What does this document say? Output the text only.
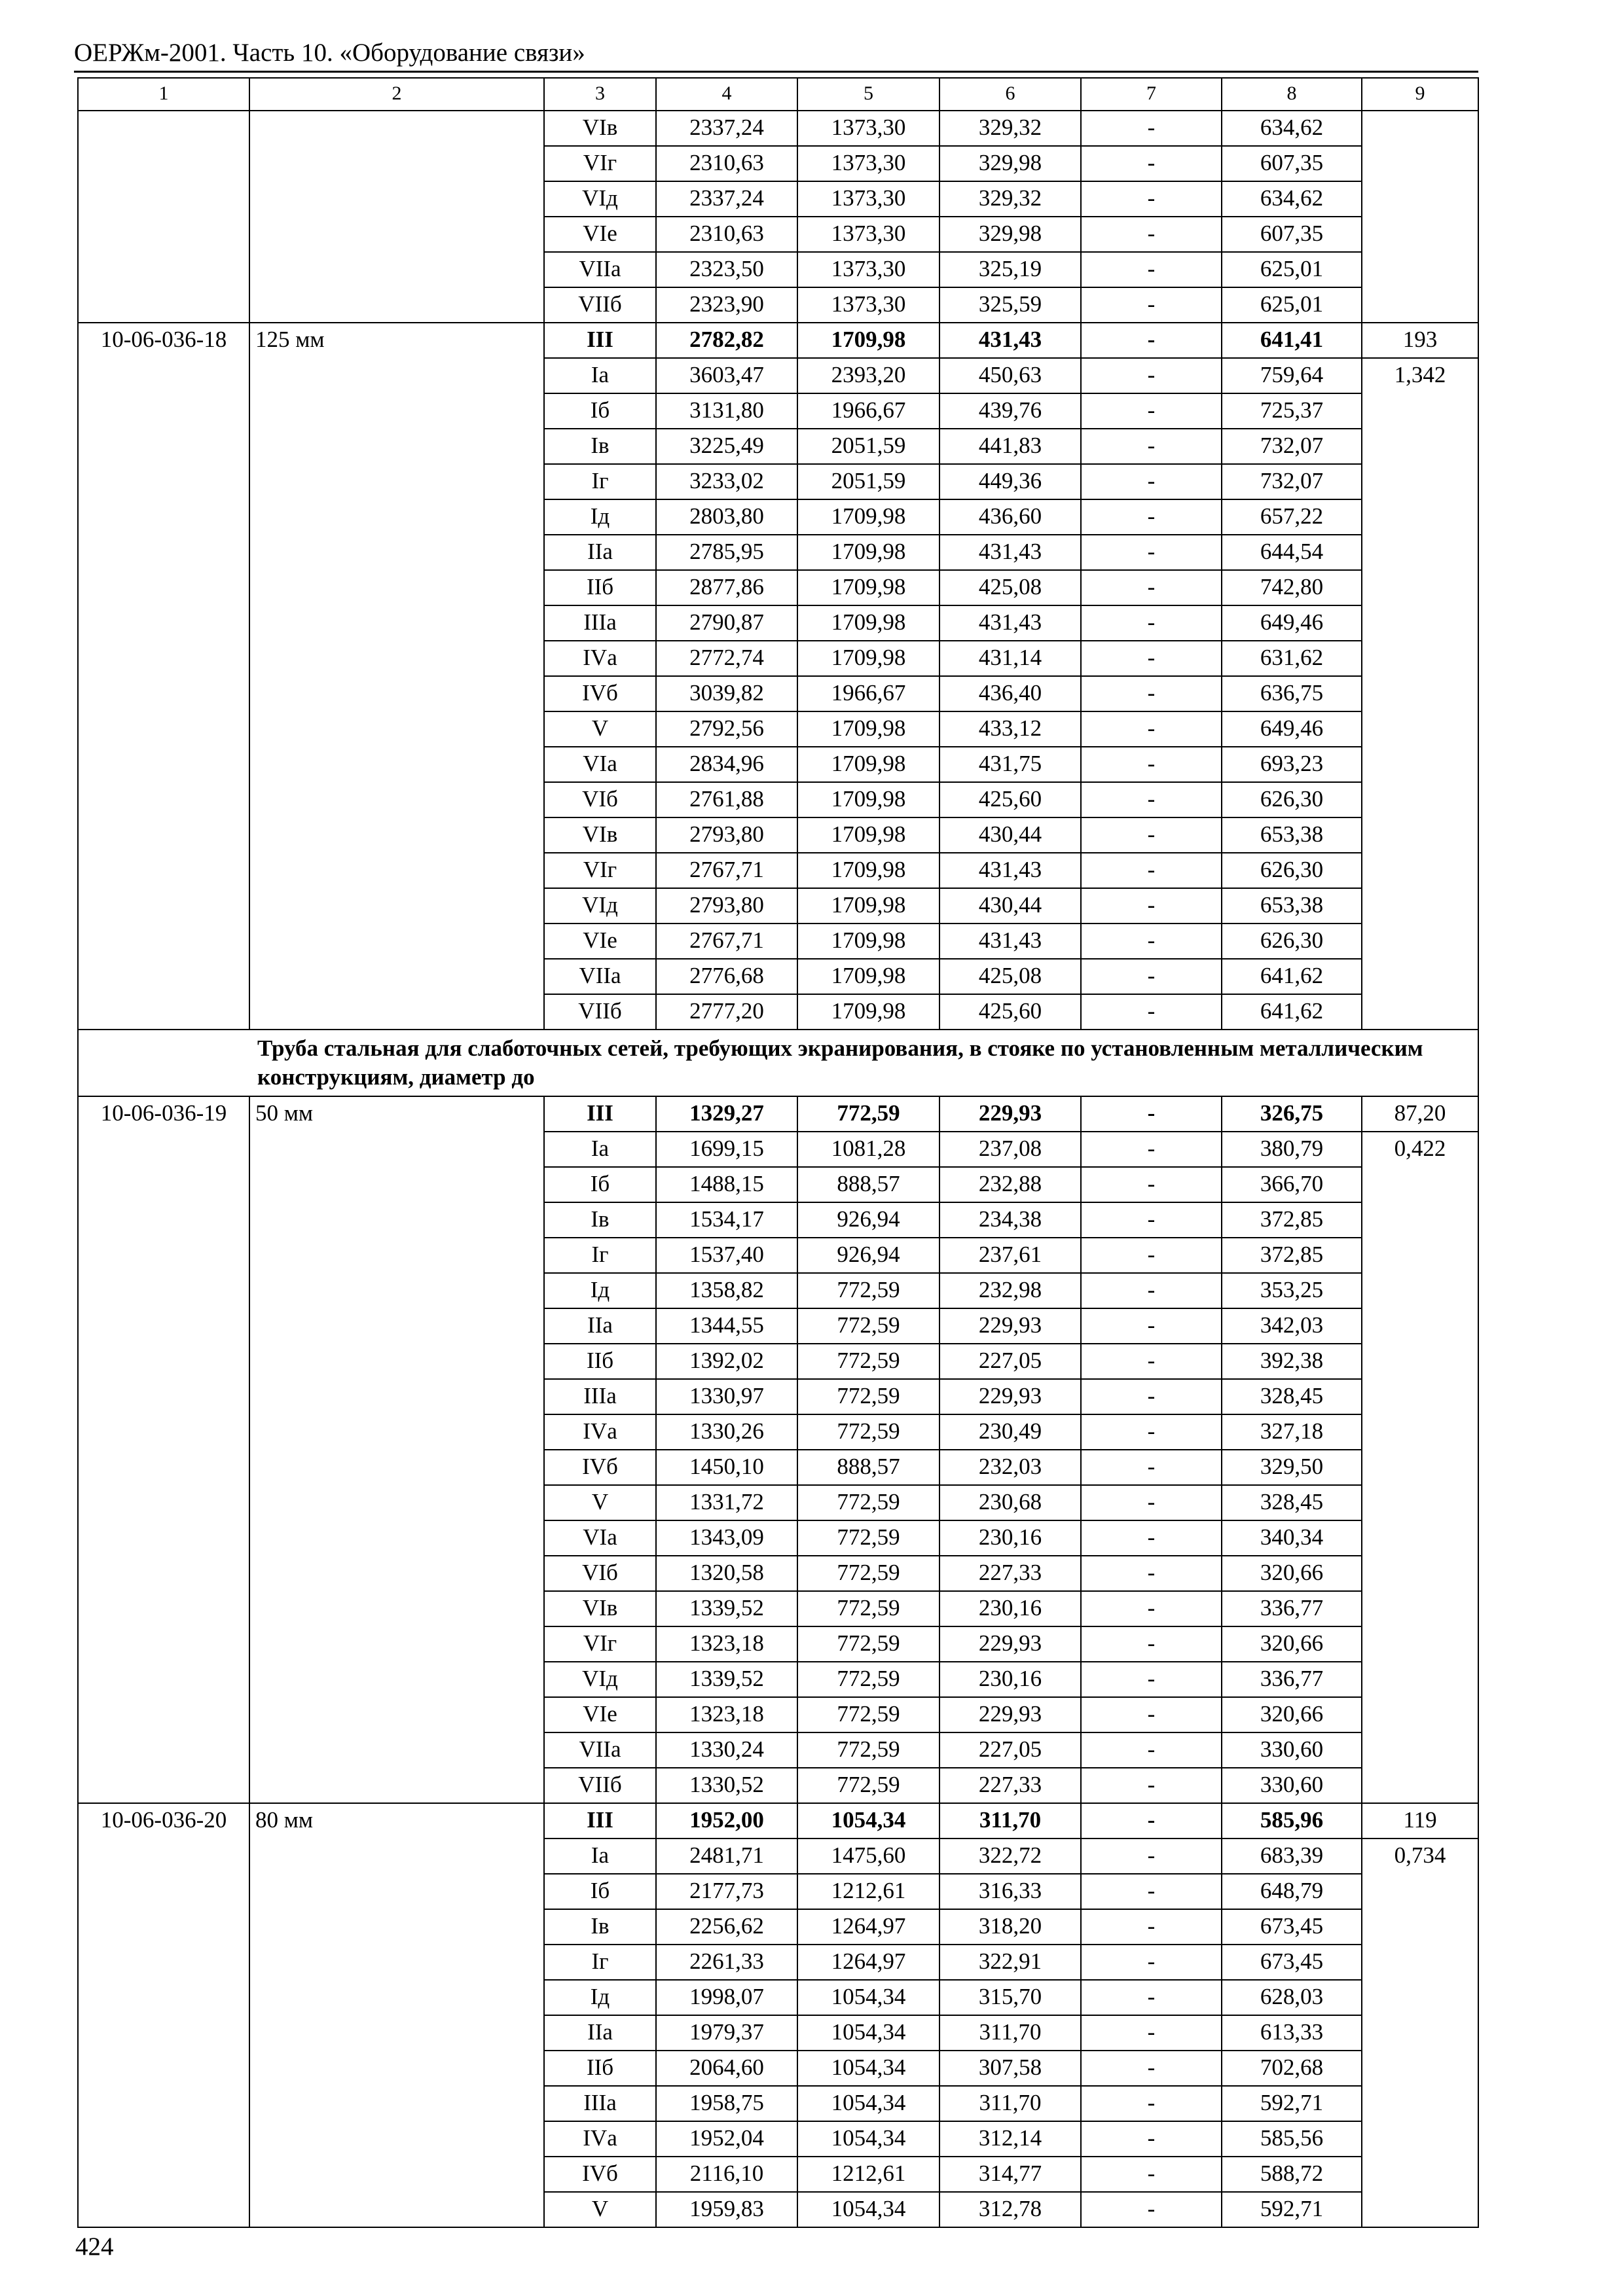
ОЕРЖм-2001. Часть 10. «Оборудование связи»
1	2	3	4	5	6	7	8	9
		VIв	2337,24	1373,30	329,32	-	634,62	
		VIг	2310,63	1373,30	329,98	-	607,35	
		VIд	2337,24	1373,30	329,32	-	634,62	
		VIе	2310,63	1373,30	329,98	-	607,35	
		VIIа	2323,50	1373,30	325,19	-	625,01	
		VIIб	2323,90	1373,30	325,59	-	625,01	
10-06-036-18	125 мм	III	2782,82	1709,98	431,43	-	641,41	193
		Iа	3603,47	2393,20	450,63	-	759,64	1,342
		Iб	3131,80	1966,67	439,76	-	725,37	
		Iв	3225,49	2051,59	441,83	-	732,07	
		Iг	3233,02	2051,59	449,36	-	732,07	
		Iд	2803,80	1709,98	436,60	-	657,22	
		IIа	2785,95	1709,98	431,43	-	644,54	
		IIб	2877,86	1709,98	425,08	-	742,80	
		IIIа	2790,87	1709,98	431,43	-	649,46	
		IVа	2772,74	1709,98	431,14	-	631,62	
		IVб	3039,82	1966,67	436,40	-	636,75	
		V	2792,56	1709,98	433,12	-	649,46	
		VIа	2834,96	1709,98	431,75	-	693,23	
		VIб	2761,88	1709,98	425,60	-	626,30	
		VIв	2793,80	1709,98	430,44	-	653,38	
		VIг	2767,71	1709,98	431,43	-	626,30	
		VIд	2793,80	1709,98	430,44	-	653,38	
		VIе	2767,71	1709,98	431,43	-	626,30	
		VIIа	2776,68	1709,98	425,08	-	641,62	
		VIIб	2777,20	1709,98	425,60	-	641,62	
Труба стальная для слаботочных сетей, требующих экранирования, в стояке по установленным металлическим конструкциям, диаметр до								
10-06-036-19	50 мм	III	1329,27	772,59	229,93	-	326,75	87,20
		Iа	1699,15	1081,28	237,08	-	380,79	0,422
		Iб	1488,15	888,57	232,88	-	366,70	
		Iв	1534,17	926,94	234,38	-	372,85	
		Iг	1537,40	926,94	237,61	-	372,85	
		Iд	1358,82	772,59	232,98	-	353,25	
		IIа	1344,55	772,59	229,93	-	342,03	
		IIб	1392,02	772,59	227,05	-	392,38	
		IIIа	1330,97	772,59	229,93	-	328,45	
		IVа	1330,26	772,59	230,49	-	327,18	
		IVб	1450,10	888,57	232,03	-	329,50	
		V	1331,72	772,59	230,68	-	328,45	
		VIа	1343,09	772,59	230,16	-	340,34	
		VIб	1320,58	772,59	227,33	-	320,66	
		VIв	1339,52	772,59	230,16	-	336,77	
		VIг	1323,18	772,59	229,93	-	320,66	
		VIд	1339,52	772,59	230,16	-	336,77	
		VIе	1323,18	772,59	229,93	-	320,66	
		VIIа	1330,24	772,59	227,05	-	330,60	
		VIIб	1330,52	772,59	227,33	-	330,60	
10-06-036-20	80 мм	III	1952,00	1054,34	311,70	-	585,96	119
		Iа	2481,71	1475,60	322,72	-	683,39	0,734
		Iб	2177,73	1212,61	316,33	-	648,79	
		Iв	2256,62	1264,97	318,20	-	673,45	
		Iг	2261,33	1264,97	322,91	-	673,45	
		Iд	1998,07	1054,34	315,70	-	628,03	
		IIа	1979,37	1054,34	311,70	-	613,33	
		IIб	2064,60	1054,34	307,58	-	702,68	
		IIIа	1958,75	1054,34	311,70	-	592,71	
		IVа	1952,04	1054,34	312,14	-	585,56	
		IVб	2116,10	1212,61	314,77	-	588,72	
		V	1959,83	1054,34	312,78	-	592,71	
424
